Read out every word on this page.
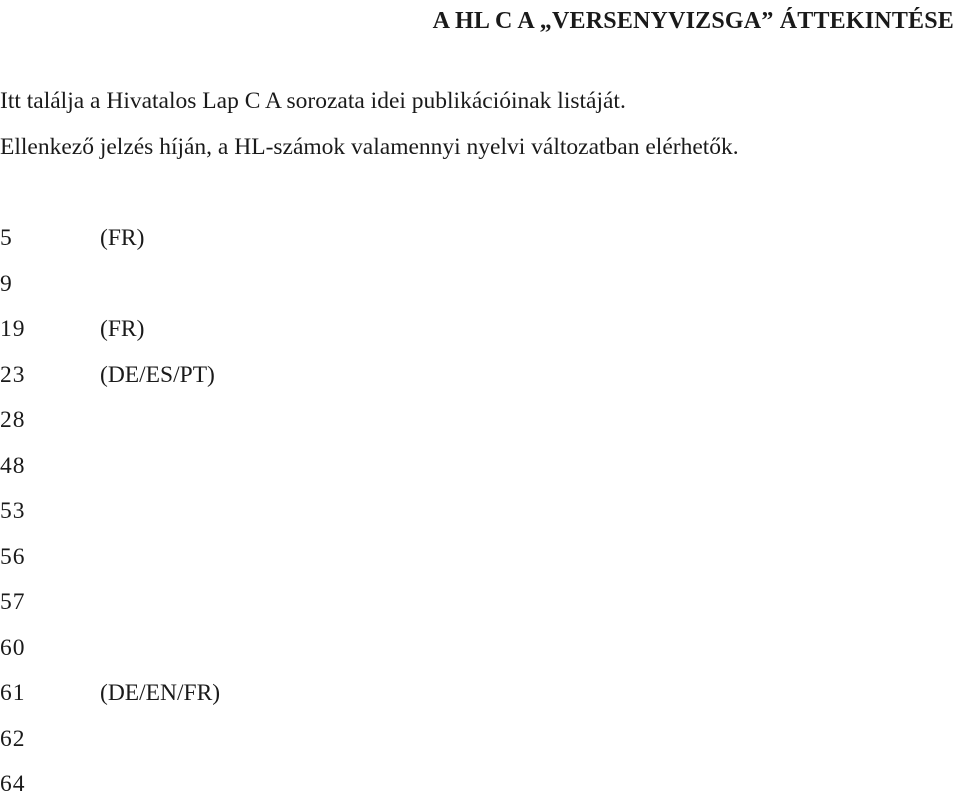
A HL C A „VERSENYVIZSGA” ÁTTEKINTÉSE

Itt találja a Hivatalos Lap C A sorozata idei publikációinak listáját.

Ellenkező jelzés híján, a HL-számok valamennyi nyelvi változatban elérhetők.

5	(FR)
9
19	(FR)
23	(DE/ES/PT)
28
48
53
56
57
60
61	(DE/EN/FR)
62
64
